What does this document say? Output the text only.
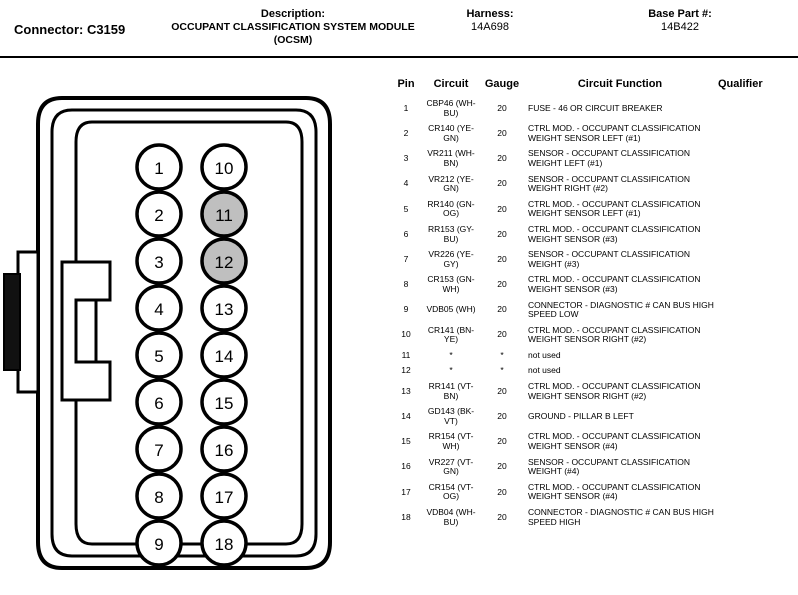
Connector: C3159
Description:
OCCUPANT CLASSIFICATION SYSTEM MODULE (OCSM)
Harness:
14A698
Base Part #:
14B422
1
2
3
4
5
6
7
8
9
10
11
12
13
14
15
16
17
18
Pin	Circuit	Gauge	Circuit Function	Qualifier
1	CBP46 (WH-BU)	20	FUSE - 46 OR CIRCUIT BREAKER	
2	CR140 (YE-GN)	20	CTRL MOD. - OCCUPANT CLASSIFICATION WEIGHT SENSOR LEFT (#1)	
3	VR211 (WH-BN)	20	SENSOR - OCCUPANT CLASSIFICATION WEIGHT LEFT (#1)	
4	VR212 (YE-GN)	20	SENSOR - OCCUPANT CLASSIFICATION WEIGHT RIGHT (#2)	
5	RR140 (GN-OG)	20	CTRL MOD. - OCCUPANT CLASSIFICATION WEIGHT SENSOR LEFT (#1)	
6	RR153 (GY-BU)	20	CTRL MOD. - OCCUPANT CLASSIFICATION WEIGHT SENSOR (#3)	
7	VR226 (YE-GY)	20	SENSOR - OCCUPANT CLASSIFICATION WEIGHT (#3)	
8	CR153 (GN-WH)	20	CTRL MOD. - OCCUPANT CLASSIFICATION WEIGHT SENSOR (#3)	
9	VDB05 (WH)	20	CONNECTOR - DIAGNOSTIC # CAN BUS HIGH SPEED LOW	
10	CR141 (BN-YE)	20	CTRL MOD. - OCCUPANT CLASSIFICATION WEIGHT SENSOR RIGHT (#2)	
11	*	*	not used	
12	*	*	not used	
13	RR141 (VT-BN)	20	CTRL MOD. - OCCUPANT CLASSIFICATION WEIGHT SENSOR RIGHT (#2)	
14	GD143 (BK-VT)	20	GROUND - PILLAR B LEFT	
15	RR154 (VT-WH)	20	CTRL MOD. - OCCUPANT CLASSIFICATION WEIGHT SENSOR (#4)	
16	VR227 (VT-GN)	20	SENSOR - OCCUPANT CLASSIFICATION WEIGHT (#4)	
17	CR154 (VT-OG)	20	CTRL MOD. - OCCUPANT CLASSIFICATION WEIGHT SENSOR (#4)	
18	VDB04 (WH-BU)	20	CONNECTOR - DIAGNOSTIC # CAN BUS HIGH SPEED HIGH	
